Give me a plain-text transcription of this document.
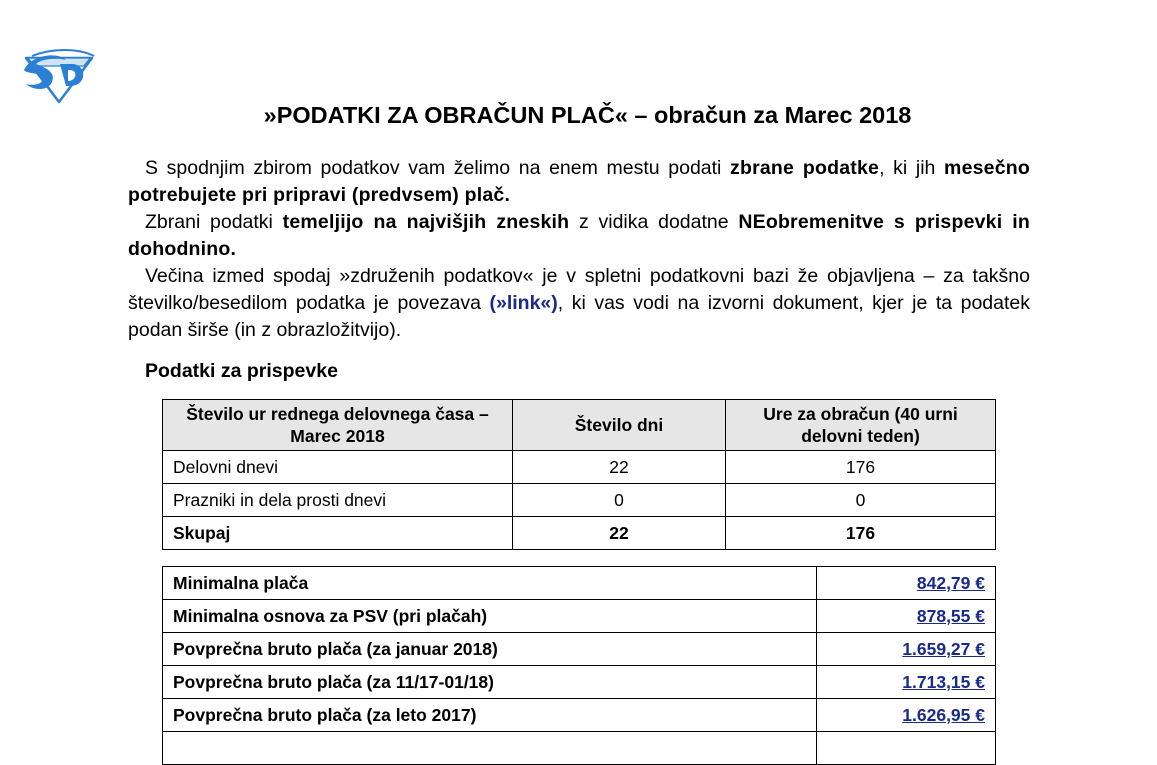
»PODATKI ZA OBRAČUN PLAČ« – obračun za Marec 2018

S spodnjim zbirom podatkov vam želimo na enem mestu podati zbrane podatke, ki jih mesečno potrebujete pri pripravi (predvsem) plač.

Zbrani podatki temeljijo na najvišjih zneskih z vidika dodatne NEobremenitve s prispevki in dohodnino.

Večina izmed spodaj »združenih podatkov« je v spletni podatkovni bazi že objavljena – za takšno številko/besedilom podatka je povezava (»link«), ki vas vodi na izvorni dokument, kjer je ta podatek podan širše (in z obrazložitvijo).

Podatki za prispevke
Število ur rednega delovnega časa – Marec 2018	Število dni	Ure za obračun (40 urni delovni teden)
Delovni dnevi	22	176
Prazniki in dela prosti dnevi	0	0
Skupaj	22	176
Minimalna plača	842,79 €
Minimalna osnova za PSV (pri plačah)	878,55 €
Povprečna bruto plača (za januar 2018)	1.659,27 €
Povprečna bruto plača (za 11/17-01/18)	1.713,15 €
Povprečna bruto plača (za leto 2017)	1.626,95 €
